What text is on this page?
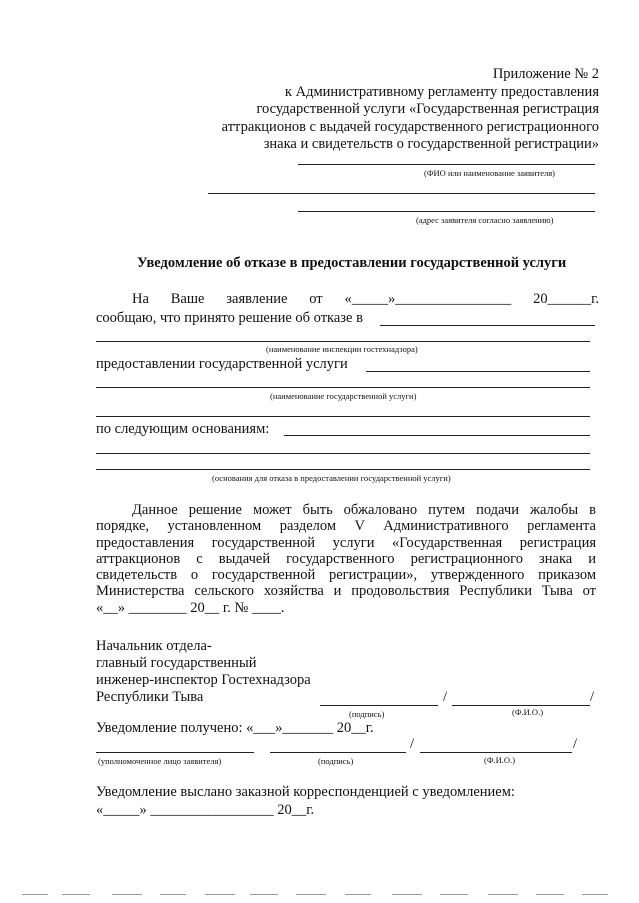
Приложение № 2
к Административному регламенту предоставления
государственной услуги «Государственная регистрация
аттракционов с выдачей государственного регистрационного
знака и свидетельств о государственной регистрации»
(ФИО или наименование заявителя)
(адрес заявителя согласно заявлению)
Уведомление об отказе в предоставлении государственной услуги
На Ваше заявление от «_____»________________ 20______г.
сообщаю, что принято решение об отказе в
(наименование инспекции гостехнадзора)
предоставлении государственной услуги
(наименование государственной услуги)
по следующим основаниям:
(основания для отказа в предоставлении государственной услуги)
Данное решение может быть обжаловано путем подачи жалобы в
порядке, установленном разделом V Административного регламента
предоставления государственной услуги «Государственная регистрация
аттракционов с выдачей государственного регистрационного знака и
свидетельств о государственной регистрации», утвержденного приказом
Министерства сельского хозяйства и продовольствия Республики Тыва от
«__» ________ 20__ г. № ____.
Начальник отдела-
главный государственный
инженер-инспектор Гостехнадзора
Республики Тыва	/	/
(подпись)	(Ф.И.О.)
Уведомление получено: «___»_______ 20__г.
/	/
(уполномоченное лицо заявителя)	(подпись)	(Ф.И.О.)
Уведомление выслано заказной корреспонденцией с уведомлением:
«_____» _________________ 20__г.
